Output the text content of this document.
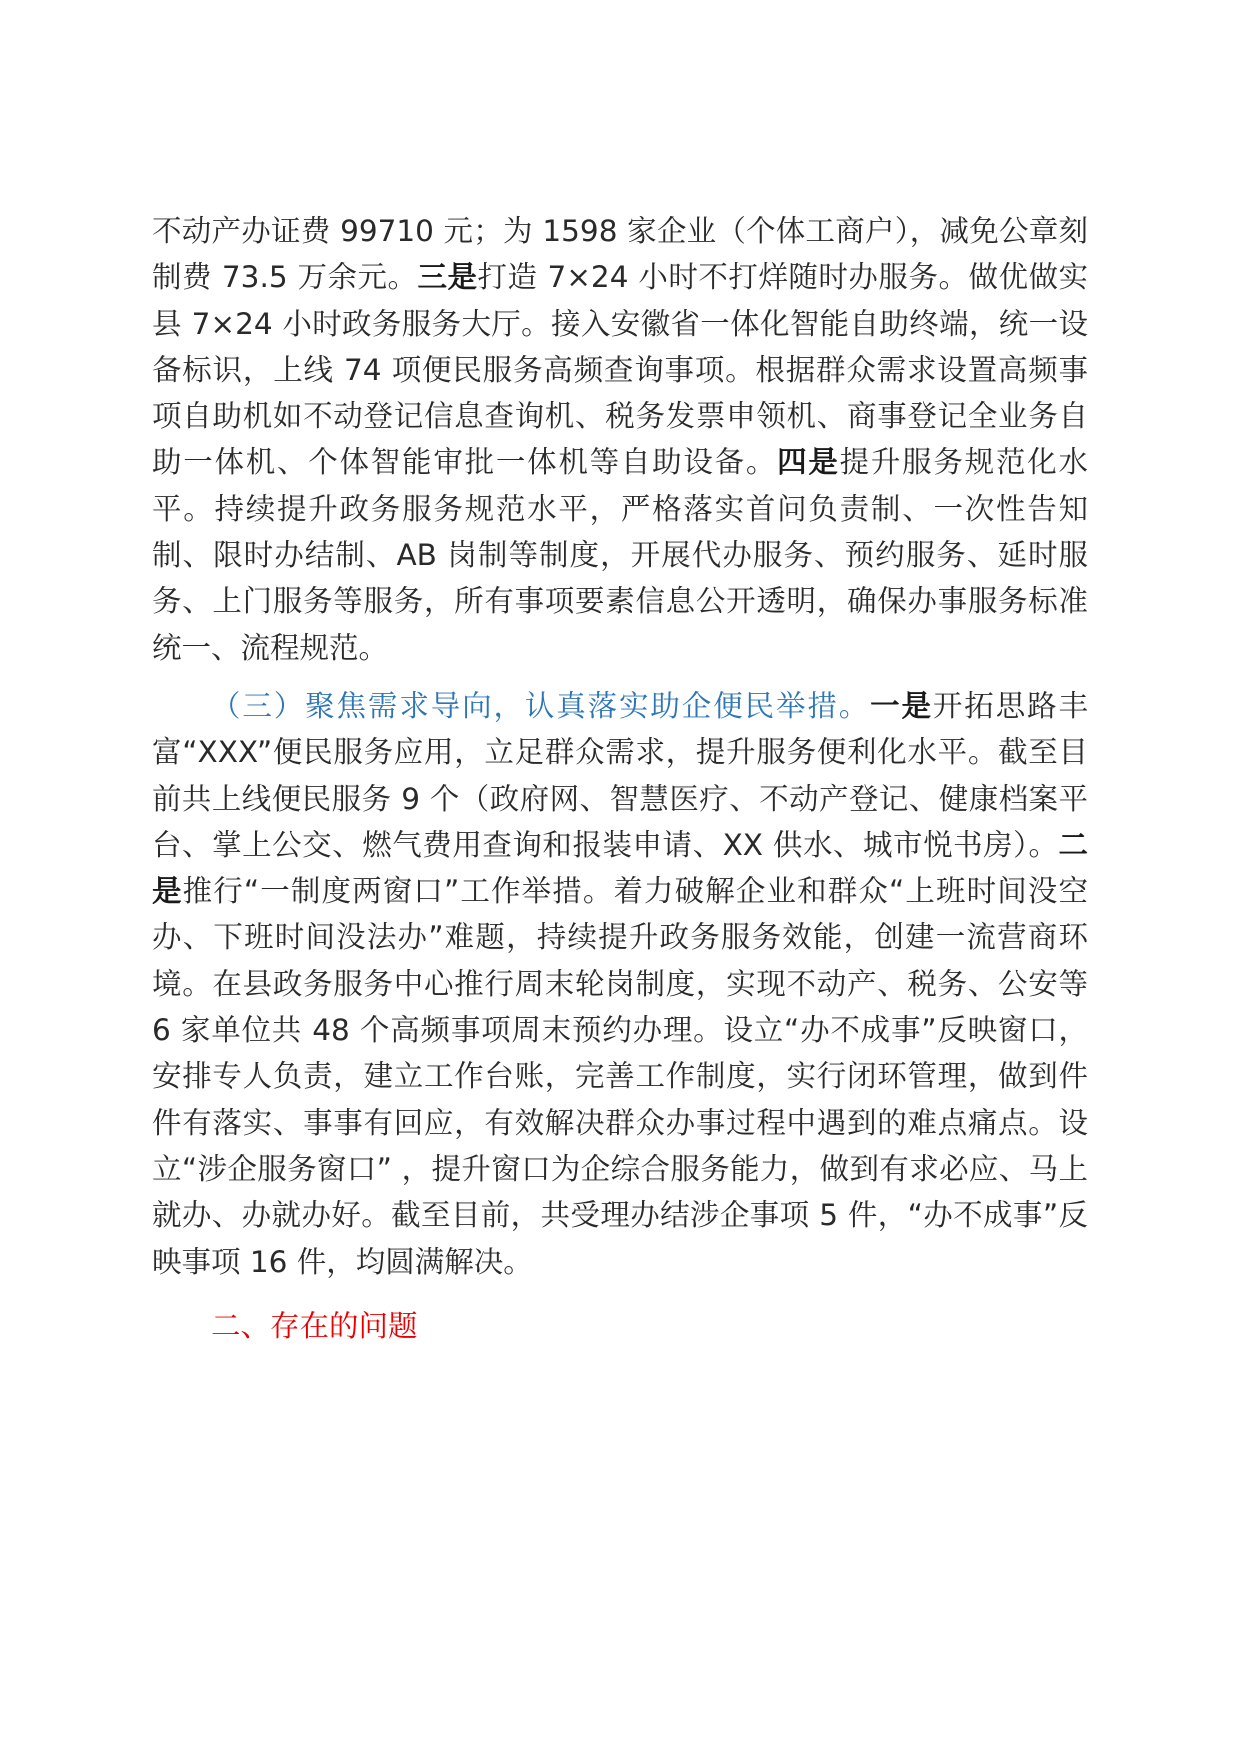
不动产办证费 99710 元；为 1598 家企业（个体工商户），减免公章刻制费 73.5 万余元。三是打造 7×24 小时不打烊随时办服务。做优做实县 7×24 小时政务服务大厅。接入安徽省一体化智能自助终端，统一设备标识，上线 74 项便民服务高频查询事项。根据群众需求设置高频事项自助机如不动登记信息查询机、税务发票申领机、商事登记全业务自助一体机、个体智能审批一体机等自助设备。四是提升服务规范化水平。持续提升政务服务规范水平，严格落实首问负责制、一次性告知制、限时办结制、AB 岗制等制度，开展代办服务、预约服务、延时服务、上门服务等服务，所有事项要素信息公开透明，确保办事服务标准统一、流程规范。

（三）聚焦需求导向，认真落实助企便民举措。一是开拓思路丰富“XXX”便民服务应用，立足群众需求，提升服务便利化水平。截至目前共上线便民服务 9 个（政府网、智慧医疗、不动产登记、健康档案平台、掌上公交、燃气费用查询和报装申请、XX 供水、城市悦书房）。二是推行“一制度两窗口”工作举措。着力破解企业和群众“上班时间没空办、下班时间没法办”难题，持续提升政务服务效能，创建一流营商环境。在县政务服务中心推行周末轮岗制度，实现不动产、税务、公安等 6 家单位共 48 个高频事项周末预约办理。设立“办不成事”反映窗口，安排专人负责，建立工作台账，完善工作制度，实行闭环管理，做到件件有落实、事事有回应，有效解决群众办事过程中遇到的难点痛点。设立“涉企服务窗口” ，提升窗口为企综合服务能力，做到有求必应、马上就办、办就办好。截至目前，共受理办结涉企事项 5 件，“办不成事”反映事项 16 件，均圆满解决。

二、存在的问题
